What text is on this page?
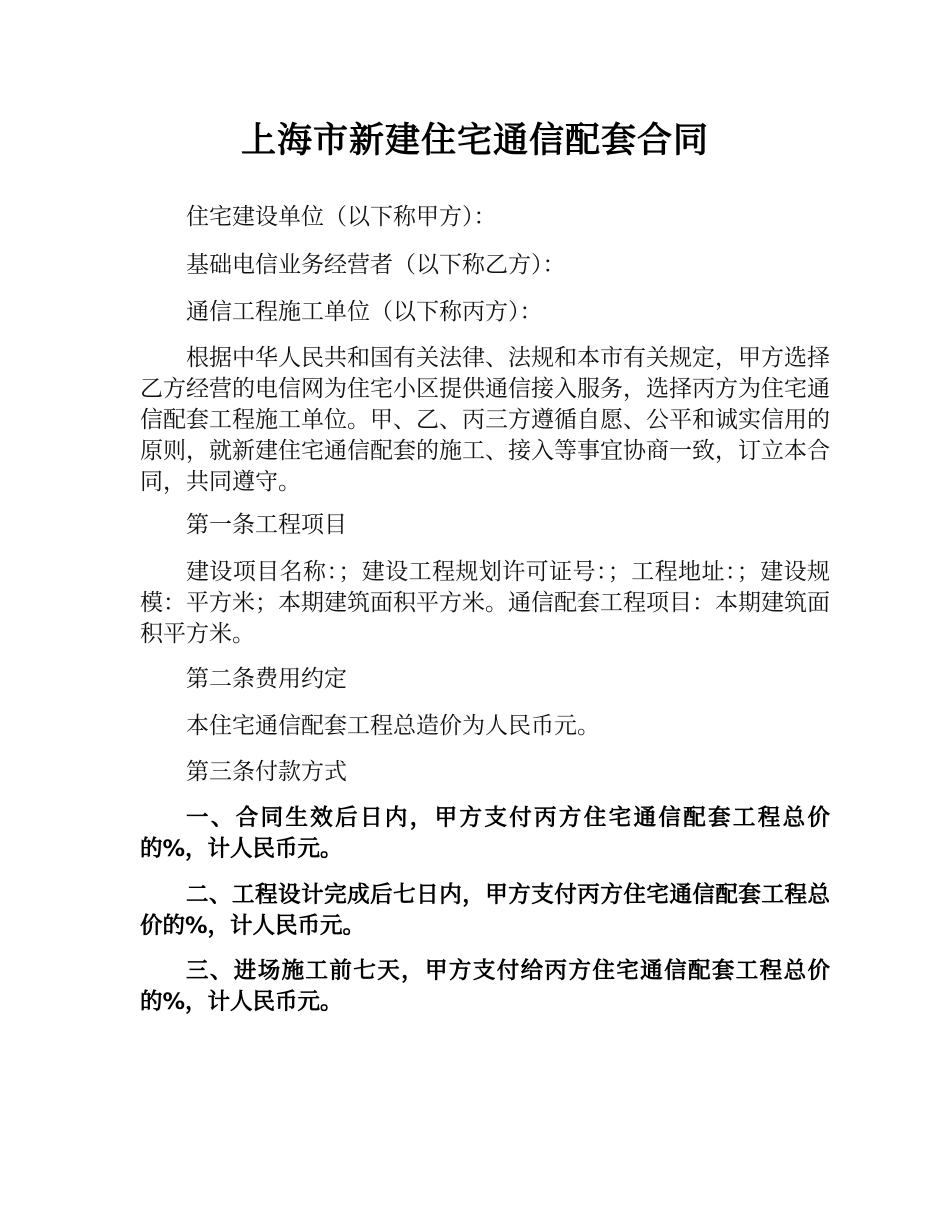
上海市新建住宅通信配套合同

住宅建设单位（以下称甲方）：

基础电信业务经营者（以下称乙方）：

通信工程施工单位（以下称丙方）：

根据中华人民共和国有关法律、法规和本市有关规定，甲方选择乙方经营的电信网为住宅小区提供通信接入服务，选择丙方为住宅通信配套工程施工单位。甲、乙、丙三方遵循自愿、公平和诚实信用的原则，就新建住宅通信配套的施工、接入等事宜协商一致，订立本合同，共同遵守。

第一条工程项目

建设项目名称：；建设工程规划许可证号：；工程地址：；建设规模：平方米；本期建筑面积平方米。通信配套工程项目：本期建筑面积平方米。

第二条费用约定

本住宅通信配套工程总造价为人民币元。

第三条付款方式

一、合同生效后日内，甲方支付丙方住宅通信配套工程总价的%，计人民币元。

二、工程设计完成后七日内，甲方支付丙方住宅通信配套工程总价的%，计人民币元。

三、进场施工前七天，甲方支付给丙方住宅通信配套工程总价的%，计人民币元。
